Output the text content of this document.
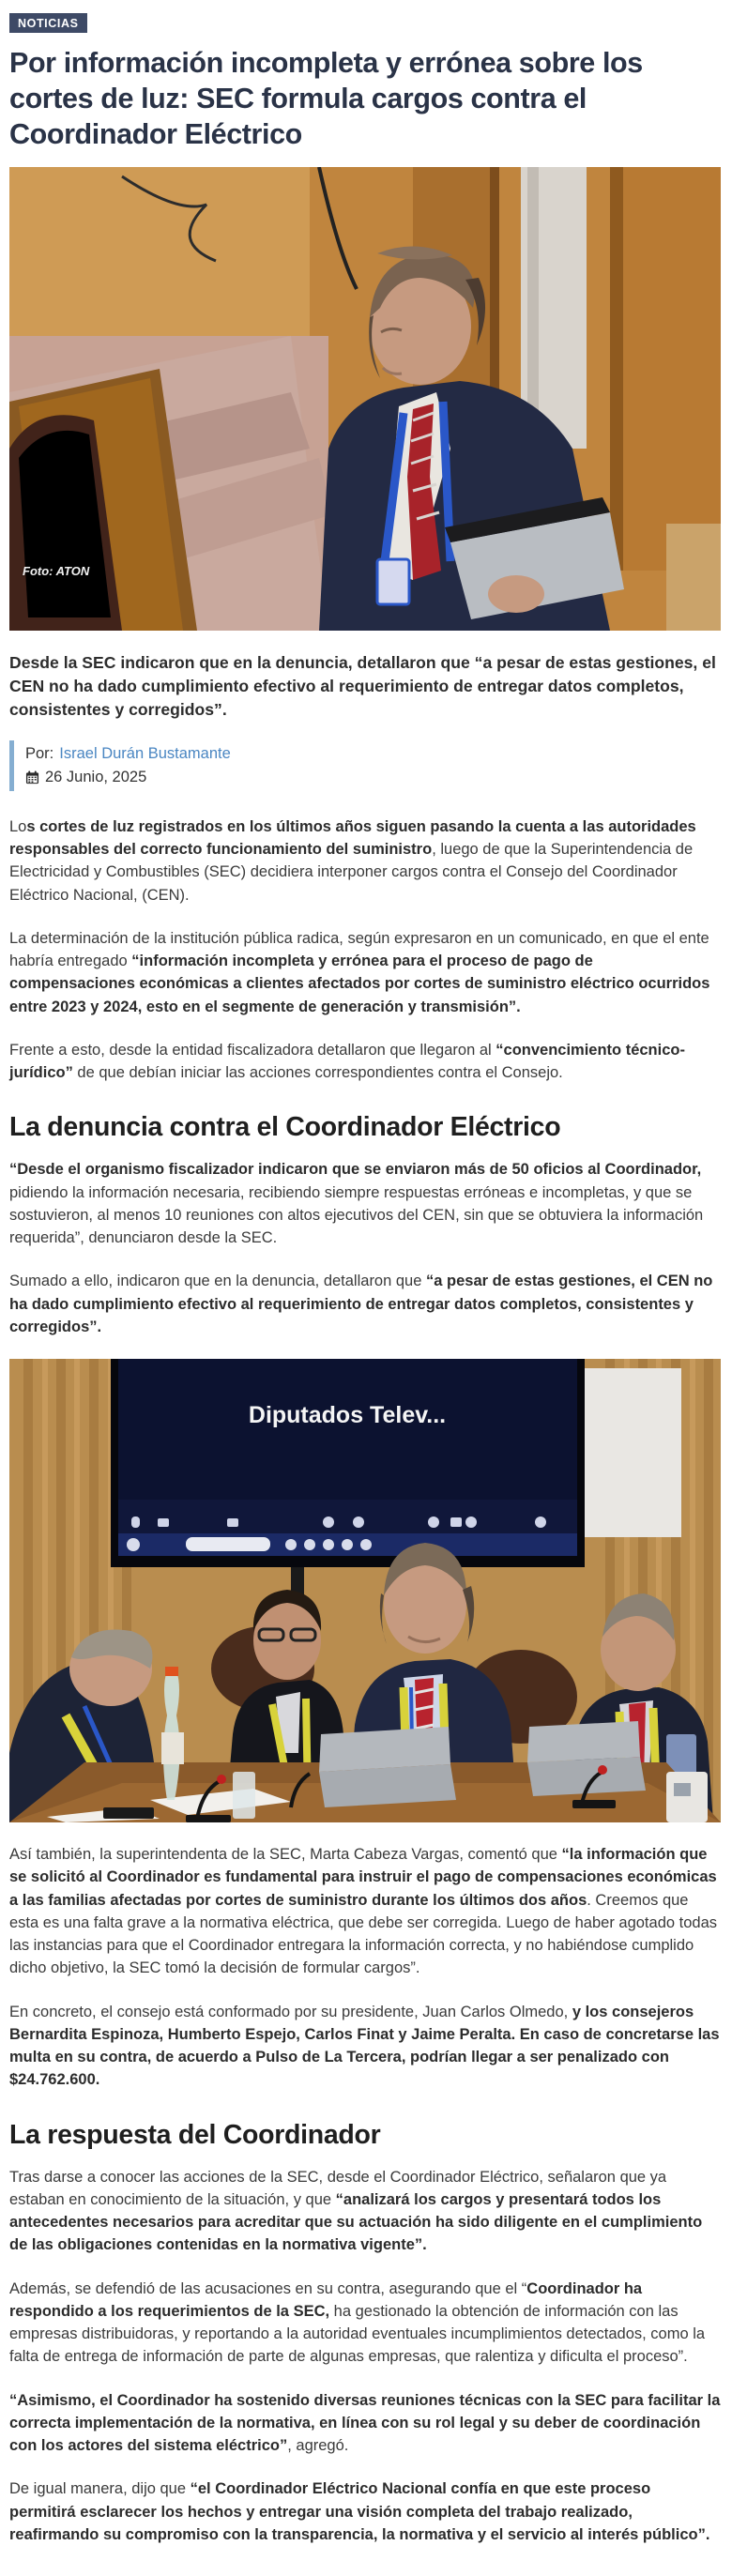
NOTICIAS
Por información incompleta y errónea sobre los cortes de luz: SEC formula cargos contra el Coordinador Eléctrico
Foto: ATON

Desde la SEC indicaron que en la denuncia, detallaron que “a pesar de estas gestiones, el CEN no ha dado cumplimiento efectivo al requerimiento de entregar datos completos, consistentes y corregidos”.

Por: Israel Durán Bustamante
26 Junio, 2025

Los cortes de luz registrados en los últimos años siguen pasando la cuenta a las autoridades responsables del correcto funcionamiento del suministro, luego de que la Superintendencia de Electricidad y Combustibles (SEC) decidiera interponer cargos contra el Consejo del Coordinador Eléctrico Nacional, (CEN).

La determinación de la institución pública radica, según expresaron en un comunicado, en que el ente habría entregado “información incompleta y errónea para el proceso de pago de compensaciones económicas a clientes afectados por cortes de suministro eléctrico ocurridos entre 2023 y 2024, esto en el segmente de generación y transmisión”.

Frente a esto, desde la entidad fiscalizadora detallaron que llegaron al “convencimiento técnico-jurídico” de que debían iniciar las acciones correspondientes contra el Consejo.

La denuncia contra el Coordinador Eléctrico

“Desde el organismo fiscalizador indicaron que se enviaron más de 50 oficios al Coordinador, pidiendo la información necesaria, recibiendo siempre respuestas erróneas e incompletas, y que se sostuvieron, al menos 10 reuniones con altos ejecutivos del CEN, sin que se obtuviera la información requerida”, denunciaron desde la SEC.

Sumado a ello, indicaron que en la denuncia, detallaron que “a pesar de estas gestiones, el CEN no ha dado cumplimiento efectivo al requerimiento de entregar datos completos, consistentes y corregidos”.

Diputados Telev...

Así también, la superintendenta de la SEC, Marta Cabeza Vargas, comentó que “la información que se solicitó al Coordinador es fundamental para instruir el pago de compensaciones económicas a las familias afectadas por cortes de suministro durante los últimos dos años. Creemos que esta es una falta grave a la normativa eléctrica, que debe ser corregida. Luego de haber agotado todas las instancias para que el Coordinador entregara la información correcta, y no habiéndose cumplido dicho objetivo, la SEC tomó la decisión de formular cargos”.

En concreto, el consejo está conformado por su presidente, Juan Carlos Olmedo, y los consejeros Bernardita Espinoza, Humberto Espejo, Carlos Finat y Jaime Peralta. En caso de concretarse las multa en su contra, de acuerdo a Pulso de La Tercera, podrían llegar a ser penalizado con $24.762.600.

La respuesta del Coordinador

Tras darse a conocer las acciones de la SEC, desde el Coordinador Eléctrico, señalaron que ya estaban en conocimiento de la situación, y que “analizará los cargos y presentará todos los antecedentes necesarios para acreditar que su actuación ha sido diligente en el cumplimiento de las obligaciones contenidas en la normativa vigente”.

Además, se defendió de las acusaciones en su contra, asegurando que el “Coordinador ha respondido a los requerimientos de la SEC, ha gestionado la obtención de información con las empresas distribuidoras, y reportando a la autoridad eventuales incumplimientos detectados, como la falta de entrega de información de parte de algunas empresas, que ralentiza y dificulta el proceso”.

“Asimismo, el Coordinador ha sostenido diversas reuniones técnicas con la SEC para facilitar la correcta implementación de la normativa, en línea con su rol legal y su deber de coordinación con los actores del sistema eléctrico”, agregó.

De igual manera, dijo que “el Coordinador Eléctrico Nacional confía en que este proceso permitirá esclarecer los hechos y entregar una visión completa del trabajo realizado, reafirmando su compromiso con la transparencia, la normativa y el servicio al interés público”.
